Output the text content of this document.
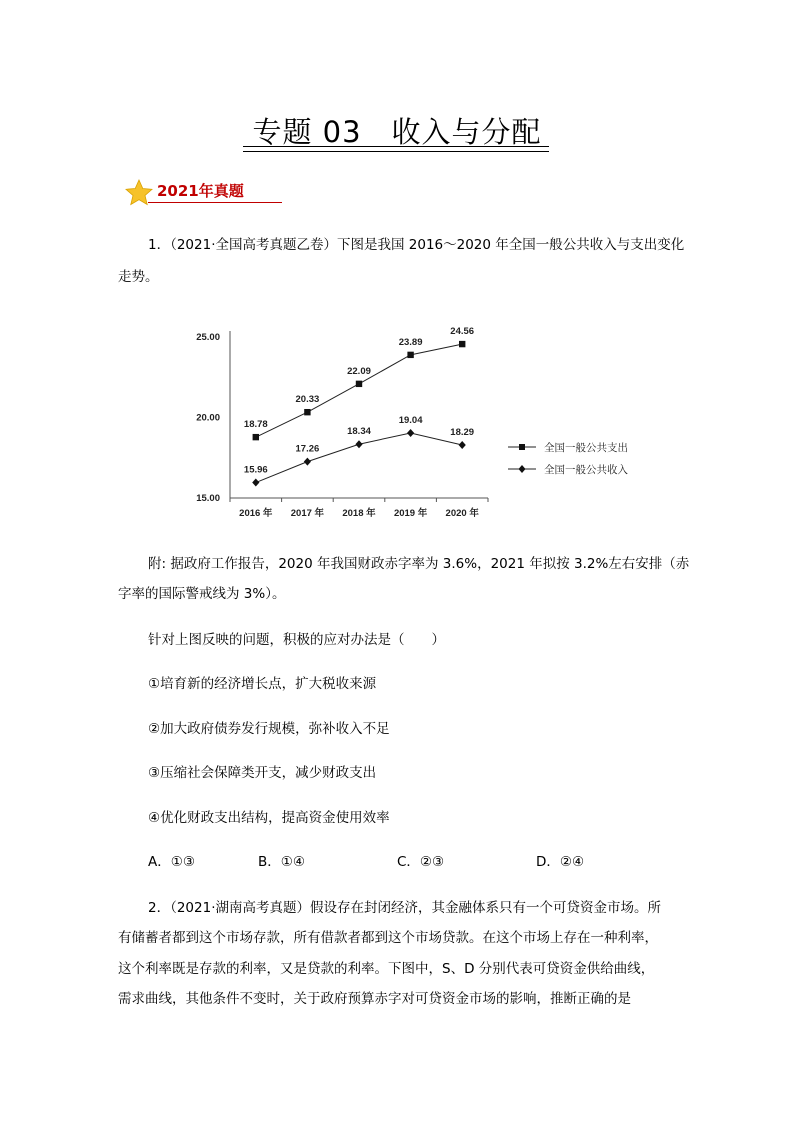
专题 03　收入与分配
2021年真题
1．（2021·全国高考真题乙卷）下图是我国 2016～2020 年全国一般公共收入与支出变化
走势。
15.00
20.00
25.00
2016 年 2017 年 2018 年 2019 年 2020 年
18.78
20.33
22.09
23.89
24.56
15.96
17.26
18.34
19.04
18.29
全国一般公共支出
全国一般公共收入
附: 据政府工作报告，2020 年我国财政赤字率为 3.6%，2021 年拟按 3.2%左右安排（赤
字率的国际警戒线为 3%）。
针对上图反映的问题，积极的应对办法是（　　）
①培育新的经济增长点，扩大税收来源
②加大政府债券发行规模，弥补收入不足
③压缩社会保障类开支，减少财政支出
④优化财政支出结构，提高资金使用效率
A．①③	B．①④	C．②③	D．②④
2．（2021·湖南高考真题）假设存在封闭经济，其金融体系只有一个可贷资金市场。所
有储蓄者都到这个市场存款，所有借款者都到这个市场贷款。在这个市场上存在一种利率，
这个利率既是存款的利率，又是贷款的利率。下图中，S、D 分别代表可贷资金供给曲线，
需求曲线，其他条件不变时，关于政府预算赤字对可贷资金市场的影响，推断正确的是
